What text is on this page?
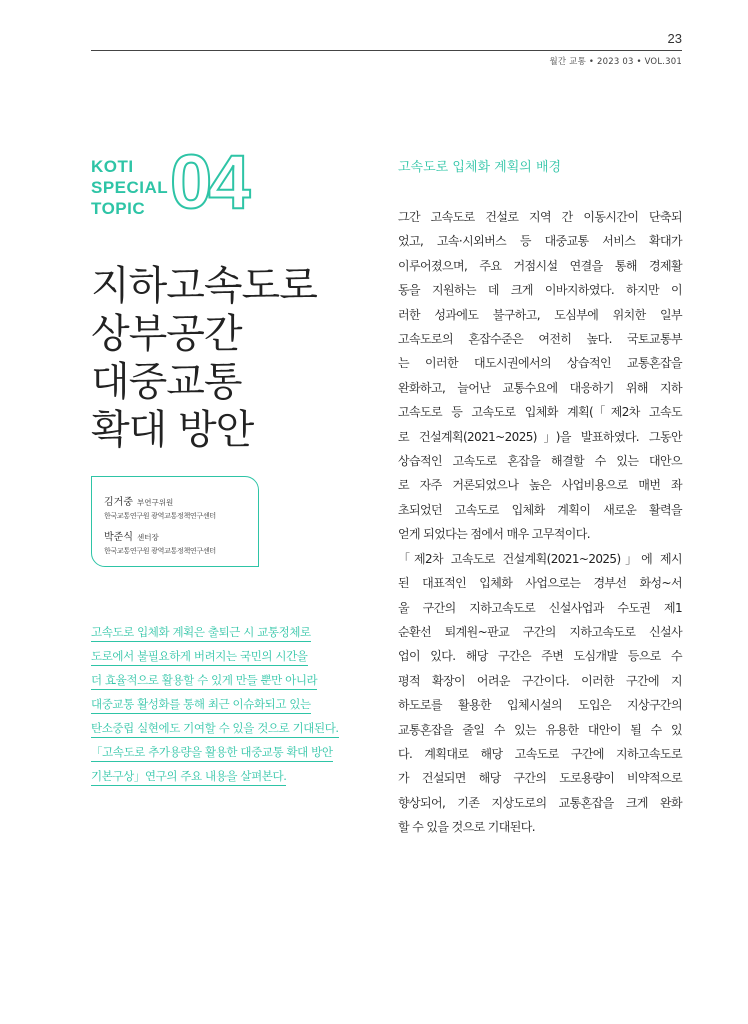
23
월간 교통 • 2023 03 • VOL.301
KOTI
SPECIAL
TOPIC 04
지하고속도로
상부공간
대중교통
확대 방안
김거중 부연구위원
한국교통연구원 광역교통정책연구센터
박준식 센터장
한국교통연구원 광역교통정책연구센터
고속도로 입체화 계획은 출퇴근 시 교통정체로
도로에서 불필요하게 버려지는 국민의 시간을
더 효율적으로 활용할 수 있게 만들 뿐만 아니라
대중교통 활성화를 통해 최근 이슈화되고 있는
탄소중립 실현에도 기여할 수 있을 것으로 기대된다.
「고속도로 추가용량을 활용한 대중교통 확대 방안
기본구상」연구의 주요 내용을 살펴본다.
고속도로 입체화 계획의 배경
그간 고속도로 건설로 지역 간 이동시간이 단축되
었고, 고속·시외버스 등 대중교통 서비스 확대가
이루어졌으며, 주요 거점시설 연결을 통해 경제활
동을 지원하는 데 크게 이바지하였다. 하지만 이
러한 성과에도 불구하고, 도심부에 위치한 일부
고속도로의 혼잡수준은 여전히 높다. 국토교통부
는 이러한 대도시권에서의 상습적인 교통혼잡을
완화하고, 늘어난 교통수요에 대응하기 위해 지하
고속도로 등 고속도로 입체화 계획(「제2차 고속도
로 건설계획(2021~2025)」)을 발표하였다. 그동안
상습적인 고속도로 혼잡을 해결할 수 있는 대안으
로 자주 거론되었으나 높은 사업비용으로 매번 좌
초되었던 고속도로 입체화 계획이 새로운 활력을
얻게 되었다는 점에서 매우 고무적이다.
「제2차 고속도로 건설계획(2021~2025)」에 제시
된 대표적인 입체화 사업으로는 경부선 화성~서
울 구간의 지하고속도로 신설사업과 수도권 제1
순환선 퇴계원~판교 구간의 지하고속도로 신설사
업이 있다. 해당 구간은 주변 도심개발 등으로 수
평적 확장이 어려운 구간이다. 이러한 구간에 지
하도로를 활용한 입체시설의 도입은 지상구간의
교통혼잡을 줄일 수 있는 유용한 대안이 될 수 있
다. 계획대로 해당 고속도로 구간에 지하고속도로
가 건설되면 해당 구간의 도로용량이 비약적으로
향상되어, 기존 지상도로의 교통혼잡을 크게 완화
할 수 있을 것으로 기대된다.
